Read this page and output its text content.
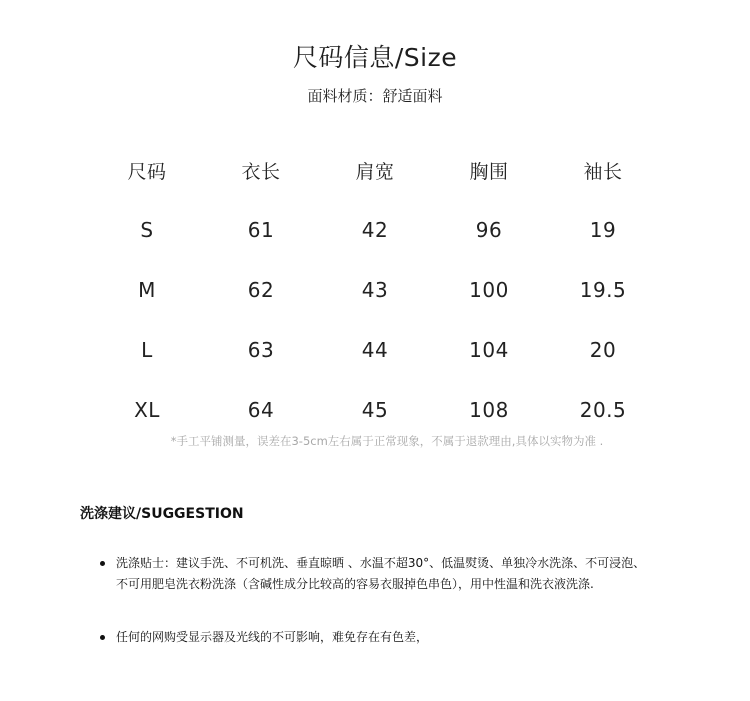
尺码信息/Size
面料材质：舒适面料
尺码	衣长	肩宽	胸围	袖长
S	61	42	96	19
M	62	43	100	19.5
L	63	44	104	20
XL	64	45	108	20.5
*手工平铺测量，误差在3-5cm左右属于正常现象，不属于退款理由,具体以实物为准 .
洗涤建议/SUGGESTION
洗涤贴士：建议手洗、不可机洗、垂直晾晒 、水温不超30°、低温熨烫、单独冷水洗涤、不可浸泡、
不可用肥皂洗衣粉洗涤（含碱性成分比较高的容易衣服掉色串色），用中性温和洗衣液洗涤.
任何的网购受显示器及光线的不可影响，难免存在有色差，
